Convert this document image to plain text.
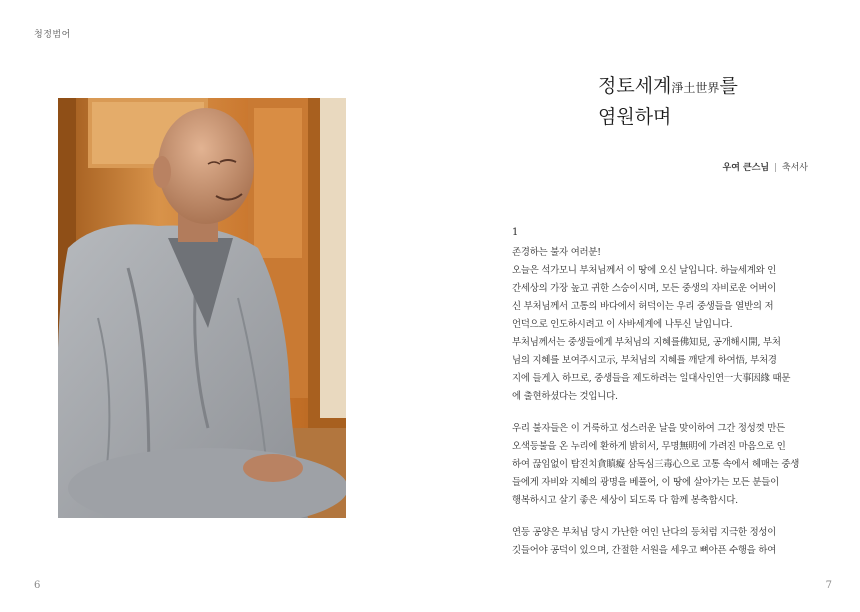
청정범어
정토세계淨土世界를
염원하며
우여 큰스님 | 축서사
1
존경하는 불자 여러분!
오늘은 석가모니 부처님께서 이 땅에 오신 날입니다. 하늘세계와 인
간세상의 가장 높고 귀한 스승이시며, 모든 중생의 자비로운 어버이
신 부처님께서 고통의 바다에서 허덕이는 우리 중생들을 열반의 저
언덕으로 인도하시려고 이 사바세계에 나투신 날입니다.
부처님께서는 중생들에게 부처님의 지혜를佛知見, 공개해시開, 부처
님의 지혜를 보여주시고示, 부처님의 지혜를 깨닫게 하여悟, 부처경
지에 들게入 하므로, 중생들을 제도하려는 일대사인연一大事因緣 때문
에 출현하셨다는 것입니다.
우리 불자들은 이 거룩하고 성스러운 날을 맞이하여 그간 정성껏 만든
오색등불을 온 누리에 환하게 밝히서, 무명無明에 가려진 마음으로 인
하여 끊임없이 탐진치貪瞋癡 삼독심三毒心으로 고통 속에서 헤매는 중생
들에게 자비와 지혜의 광명을 베풀어, 이 땅에 살아가는 모든 분들이
행복하시고 살기 좋은 세상이 되도록 다 함께 봉축합시다.
연등 공양은 부처님 당시 가난한 여인 난다의 등처럼 지극한 정성이
깃들어야 공덕이 있으며, 간절한 서원을 세우고 뼈아픈 수행을 하여
6	7
